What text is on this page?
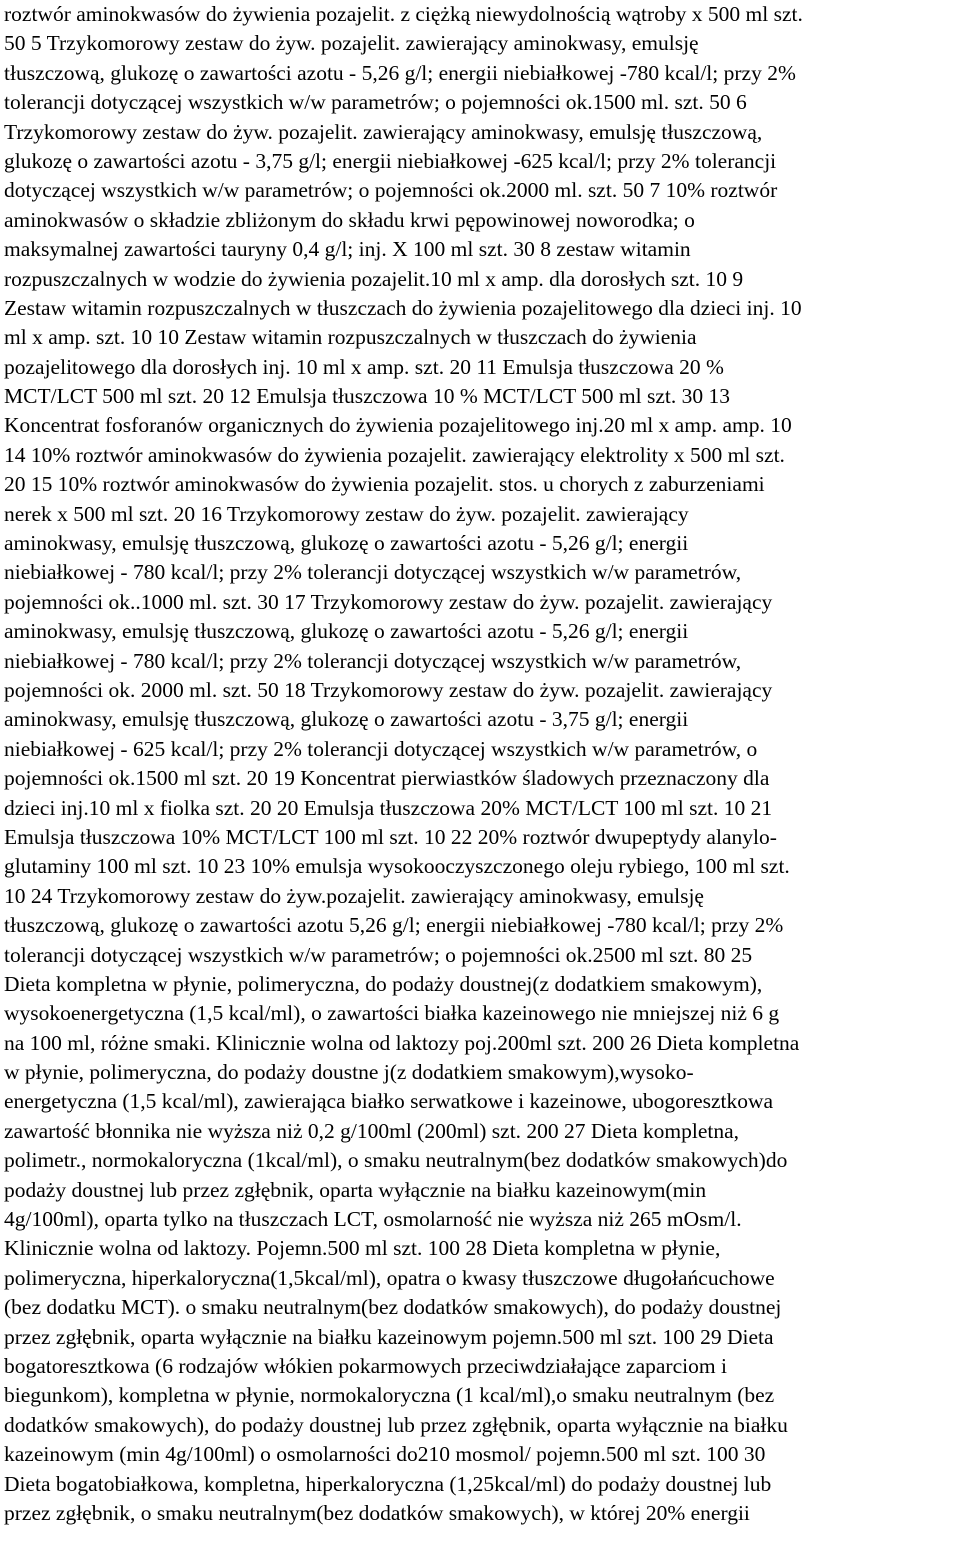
roztwór aminokwasów do żywienia pozajelit. z ciężką niewydolnością wątroby x 500 ml szt.
50 5 Trzykomorowy zestaw do żyw. pozajelit. zawierający aminokwasy, emulsję
tłuszczową, glukozę o zawartości azotu - 5,26 g/l; energii niebiałkowej -780 kcal/l; przy 2%
tolerancji dotyczącej wszystkich w/w parametrów; o pojemności ok.1500 ml. szt. 50 6
Trzykomorowy zestaw do żyw. pozajelit. zawierający aminokwasy, emulsję tłuszczową,
glukozę o zawartości azotu - 3,75 g/l; energii niebiałkowej -625 kcal/l; przy 2% tolerancji
dotyczącej wszystkich w/w parametrów; o pojemności ok.2000 ml. szt. 50 7 10% roztwór
aminokwasów o składzie zbliżonym do składu krwi pępowinowej noworodka; o
maksymalnej zawartości tauryny 0,4 g/l; inj. X 100 ml szt. 30 8 zestaw witamin
rozpuszczalnych w wodzie do żywienia pozajelit.10 ml x amp. dla dorosłych szt. 10 9
Zestaw witamin rozpuszczalnych w tłuszczach do żywienia pozajelitowego dla dzieci inj. 10
ml x amp. szt. 10 10 Zestaw witamin rozpuszczalnych w tłuszczach do żywienia
pozajelitowego dla dorosłych inj. 10 ml x amp. szt. 20 11 Emulsja tłuszczowa 20 %
MCT/LCT 500 ml szt. 20 12 Emulsja tłuszczowa 10 % MCT/LCT 500 ml szt. 30 13
Koncentrat fosforanów organicznych do żywienia pozajelitowego inj.20 ml x amp. amp. 10
14 10% roztwór aminokwasów do żywienia pozajelit. zawierający elektrolity x 500 ml szt.
20 15 10% roztwór aminokwasów do żywienia pozajelit. stos. u chorych z zaburzeniami
nerek x 500 ml szt. 20 16 Trzykomorowy zestaw do żyw. pozajelit. zawierający
aminokwasy, emulsję tłuszczową, glukozę o zawartości azotu - 5,26 g/l; energii
niebiałkowej - 780 kcal/l; przy 2% tolerancji dotyczącej wszystkich w/w parametrów,
pojemności ok..1000 ml. szt. 30 17 Trzykomorowy zestaw do żyw. pozajelit. zawierający
aminokwasy, emulsję tłuszczową, glukozę o zawartości azotu - 5,26 g/l; energii
niebiałkowej - 780 kcal/l; przy 2% tolerancji dotyczącej wszystkich w/w parametrów,
pojemności ok. 2000 ml. szt. 50 18 Trzykomorowy zestaw do żyw. pozajelit. zawierający
aminokwasy, emulsję tłuszczową, glukozę o zawartości azotu - 3,75 g/l; energii
niebiałkowej - 625 kcal/l; przy 2% tolerancji dotyczącej wszystkich w/w parametrów, o
pojemności ok.1500 ml szt. 20 19 Koncentrat pierwiastków śladowych przeznaczony dla
dzieci inj.10 ml x fiolka szt. 20 20 Emulsja tłuszczowa 20% MCT/LCT 100 ml szt. 10 21
Emulsja tłuszczowa 10% MCT/LCT 100 ml szt. 10 22 20% roztwór dwupeptydy alanylo-
glutaminy 100 ml szt. 10 23 10% emulsja wysokooczyszczonego oleju rybiego, 100 ml szt.
10 24 Trzykomorowy zestaw do żyw.pozajelit. zawierający aminokwasy, emulsję
tłuszczową, glukozę o zawartości azotu 5,26 g/l; energii niebiałkowej -780 kcal/l; przy 2%
tolerancji dotyczącej wszystkich w/w parametrów; o pojemności ok.2500 ml szt. 80 25
Dieta kompletna w płynie, polimeryczna, do podaży doustnej(z dodatkiem smakowym),
wysokoenergetyczna (1,5 kcal/ml), o zawartości białka kazeinowego nie mniejszej niż 6 g
na 100 ml, różne smaki. Klinicznie wolna od laktozy poj.200ml szt. 200 26 Dieta kompletna
w płynie, polimeryczna, do podaży doustne j(z dodatkiem smakowym),wysoko-
energetyczna (1,5 kcal/ml), zawierająca białko serwatkowe i kazeinowe, ubogoresztkowa
zawartość błonnika nie wyższa niż 0,2 g/100ml (200ml) szt. 200 27 Dieta kompletna,
polimetr., normokaloryczna (1kcal/ml), o smaku neutralnym(bez dodatków smakowych)do
podaży doustnej lub przez zgłębnik, oparta wyłącznie na białku kazeinowym(min
4g/100ml), oparta tylko na tłuszczach LCT, osmolarność nie wyższa niż 265 mOsm/l.
Klinicznie wolna od laktozy. Pojemn.500 ml szt. 100 28 Dieta kompletna w płynie,
polimeryczna, hiperkaloryczna(1,5kcal/ml), opatra o kwasy tłuszczowe długołańcuchowe
(bez dodatku MCT). o smaku neutralnym(bez dodatków smakowych), do podaży doustnej
przez zgłębnik, oparta wyłącznie na białku kazeinowym pojemn.500 ml szt. 100 29 Dieta
bogatoresztkowa (6 rodzajów włókien pokarmowych przeciwdziałające zaparciom i
biegunkom), kompletna w płynie, normokaloryczna (1 kcal/ml),o smaku neutralnym (bez
dodatków smakowych), do podaży doustnej lub przez zgłębnik, oparta wyłącznie na białku
kazeinowym (min 4g/100ml) o osmolarności do210 mosmol/ pojemn.500 ml szt. 100 30
Dieta bogatobiałkowa, kompletna, hiperkaloryczna (1,25kcal/ml) do podaży doustnej lub
przez zgłębnik, o smaku neutralnym(bez dodatków smakowych), w której 20% energii
